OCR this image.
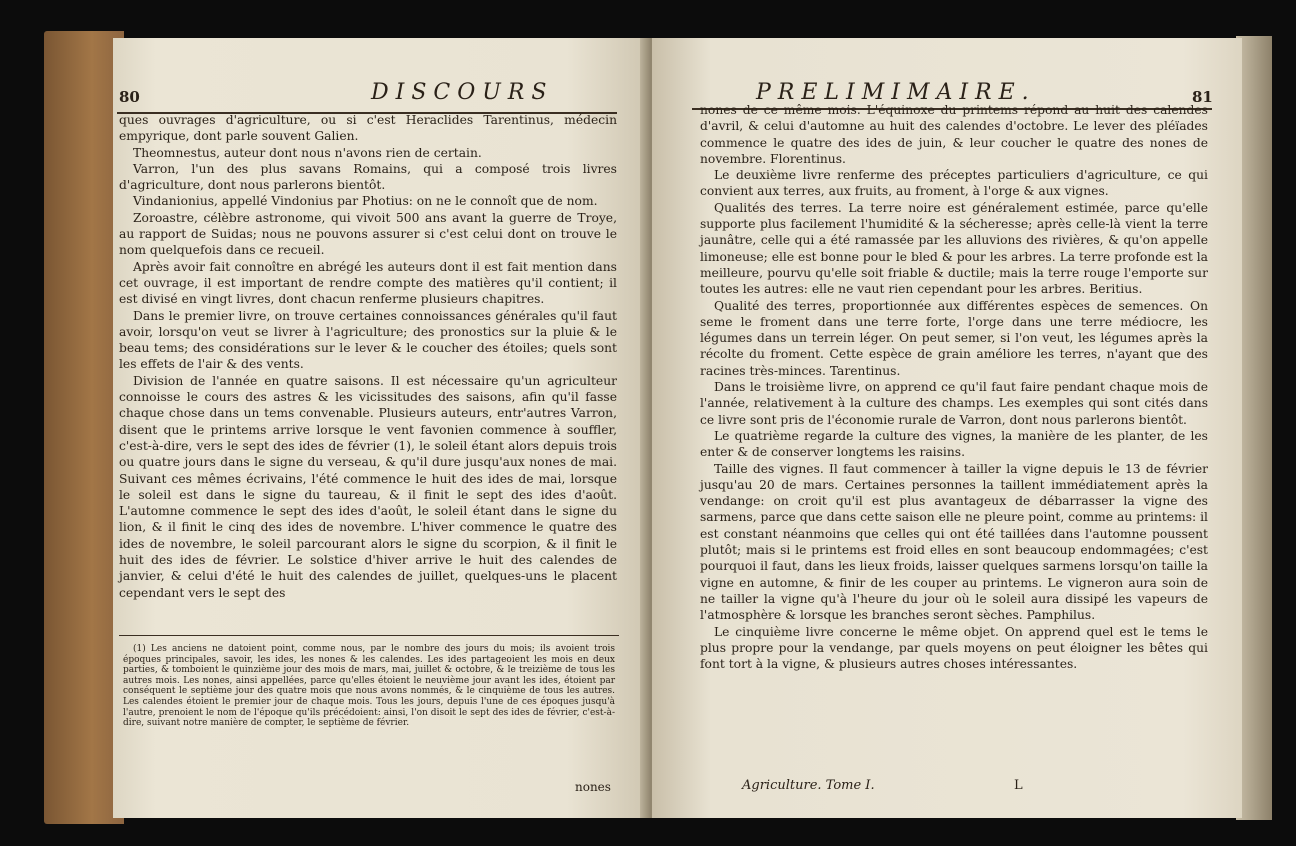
80	DISCOURS

ques ouvrages d'agriculture, ou si c'est Heraclides Tarentinus, médecin empyrique, dont parle souvent Galien.

Theomnestus, auteur dont nous n'avons rien de certain.

Varron, l'un des plus savans Romains, qui a composé trois livres d'agriculture, dont nous parlerons bientôt.

Vindanionius, appellé Vindonius par Photius: on ne le connoît que de nom.

Zoroastre, célèbre astronome, qui vivoit 500 ans avant la guerre de Troye, au rapport de Suidas; nous ne pouvons assurer si c'est celui dont on trouve le nom quelquefois dans ce recueil.

Après avoir fait connoître en abrégé les auteurs dont il est fait mention dans cet ouvrage, il est important de rendre compte des matières qu'il contient; il est divisé en vingt livres, dont chacun renferme plusieurs chapitres.

Dans le premier livre, on trouve certaines connoissances générales qu'il faut avoir, lorsqu'on veut se livrer à l'agriculture; des pronostics sur la pluie & le beau tems; des considérations sur le lever & le coucher des étoiles; quels sont les effets de l'air & des vents.

Division de l'année en quatre saisons. Il est nécessaire qu'un agriculteur connoisse le cours des astres & les vicissitudes des saisons, afin qu'il fasse chaque chose dans un tems convenable. Plusieurs auteurs, entr'autres Varron, disent que le printems arrive lorsque le vent favonien commence à souffler, c'est-à-dire, vers le sept des ides de février (1), le soleil étant alors depuis trois ou quatre jours dans le signe du verseau, & qu'il dure jusqu'aux nones de mai. Suivant ces mêmes écrivains, l'été commence le huit des ides de mai, lorsque le soleil est dans le signe du taureau, & il finit le sept des ides d'août. L'automne commence le sept des ides d'août, le soleil étant dans le signe du lion, & il finit le cinq des ides de novembre. L'hiver commence le quatre des ides de novembre, le soleil parcourant alors le signe du scorpion, & il finit le huit des ides de février. Le solstice d'hiver arrive le huit des calendes de janvier, & celui d'été le huit des calendes de juillet, quelques-uns le placent cependant vers le sept des

(1) Les anciens ne datoient point, comme nous, par le nombre des jours du mois; ils avoient trois époques principales, savoir, les ides, les nones & les calendes. Les ides partageoient les mois en deux parties, & tomboient le quinzième jour des mois de mars, mai, juillet & octobre, & le treizième de tous les autres mois. Les nones, ainsi appellées, parce qu'elles étoient le neuvième jour avant les ides, étoient par conséquent le septième jour des quatre mois que nous avons nommés, & le cinquième de tous les autres. Les calendes étoient le premier jour de chaque mois. Tous les jours, depuis l'une de ces époques jusqu'à l'autre, prenoient le nom de l'époque qu'ils précédoient: ainsi, l'on disoit le sept des ides de février, c'est-à-dire, suivant notre manière de compter, le septième de février.

nones
PRELIMIMAIRE.	81

nones de ce même mois. L'équinoxe du printems répond au huit des calendes d'avril, & celui d'automne au huit des calendes d'octobre. Le lever des pléïades commence le quatre des ides de juin, & leur coucher le quatre des nones de novembre. Florentinus.

Le deuxième livre renferme des préceptes particuliers d'agriculture, ce qui convient aux terres, aux fruits, au froment, à l'orge & aux vignes.

Qualités des terres. La terre noire est généralement estimée, parce qu'elle supporte plus facilement l'humidité & la sécheresse; après celle-là vient la terre jaunâtre, celle qui a été ramassée par les alluvions des rivières, & qu'on appelle limoneuse; elle est bonne pour le bled & pour les arbres. La terre profonde est la meilleure, pourvu qu'elle soit friable & ductile; mais la terre rouge l'emporte sur toutes les autres: elle ne vaut rien cependant pour les arbres. Beritius.

Qualité des terres, proportionnée aux différentes espèces de semences. On seme le froment dans une terre forte, l'orge dans une terre médiocre, les légumes dans un terrein léger. On peut semer, si l'on veut, les légumes après la récolte du froment. Cette espèce de grain améliore les terres, n'ayant que des racines très-minces. Tarentinus.

Dans le troisième livre, on apprend ce qu'il faut faire pendant chaque mois de l'année, relativement à la culture des champs. Les exemples qui sont cités dans ce livre sont pris de l'économie rurale de Varron, dont nous parlerons bientôt.

Le quatrième regarde la culture des vignes, la manière de les planter, de les enter & de conserver longtems les raisins.

Taille des vignes. Il faut commencer à tailler la vigne depuis le 13 de février jusqu'au 20 de mars. Certaines personnes la taillent immédiatement après la vendange: on croit qu'il est plus avantageux de débarrasser la vigne des sarmens, parce que dans cette saison elle ne pleure point, comme au printems: il est constant néanmoins que celles qui ont été taillées dans l'automne poussent plutôt; mais si le printems est froid elles en sont beaucoup endommagées; c'est pourquoi il faut, dans les lieux froids, laisser quelques sarmens lorsqu'on taille la vigne en automne, & finir de les couper au printems. Le vigneron aura soin de ne tailler la vigne qu'à l'heure du jour où le soleil aura dissipé les vapeurs de l'atmosphère & lorsque les branches seront sèches. Pamphilus.

Le cinquième livre concerne le même objet. On apprend quel est le tems le plus propre pour la vendange, par quels moyens on peut éloigner les bêtes qui font tort à la vigne, & plusieurs autres choses intéressantes.

Agriculture. Tome I.	L
